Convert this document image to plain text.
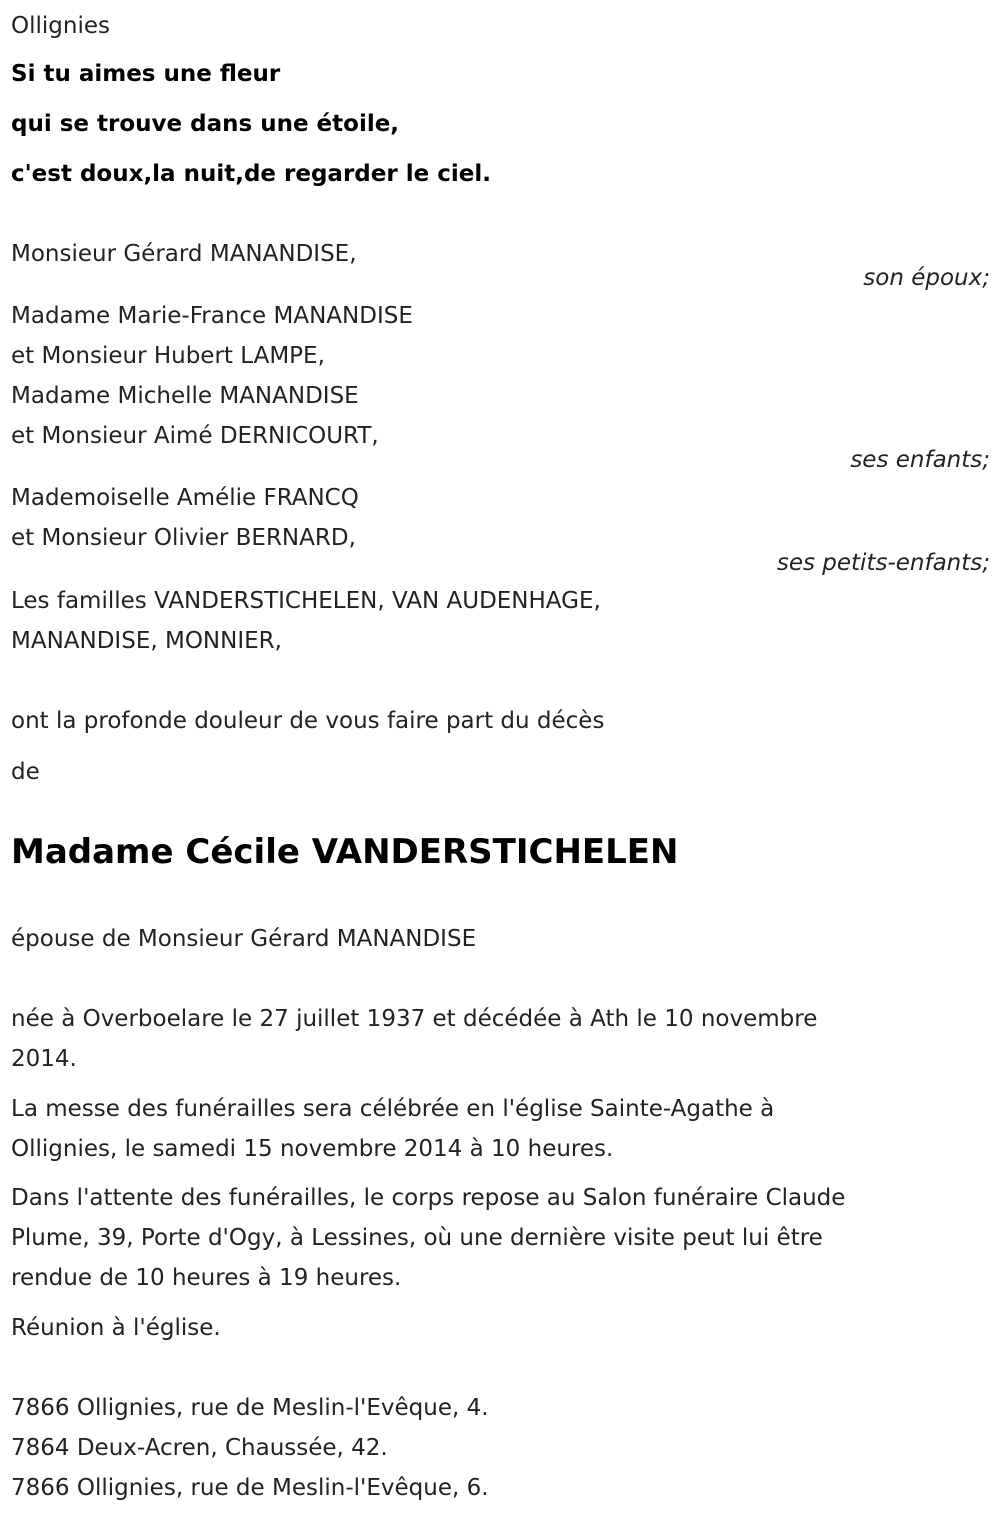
Ollignies
Si tu aimes une fleur
qui se trouve dans une étoile,
c'est doux,la nuit,de regarder le ciel.
Monsieur Gérard MANANDISE,
son époux;
Madame Marie-France MANANDISE
et Monsieur Hubert LAMPE,
Madame Michelle MANANDISE
et Monsieur Aimé DERNICOURT,
ses enfants;
Mademoiselle Amélie FRANCQ
et Monsieur Olivier BERNARD,
ses petits-enfants;
Les familles VANDERSTICHELEN, VAN AUDENHAGE,
MANANDISE, MONNIER,
ont la profonde douleur de vous faire part du décès
de
Madame Cécile VANDERSTICHELEN
épouse de Monsieur Gérard MANANDISE
née à Overboelare le 27 juillet 1937 et décédée à Ath le 10 novembre
2014.
La messe des funérailles sera célébrée en l'église Sainte-Agathe à
Ollignies, le samedi 15 novembre 2014 à 10 heures.
Dans l'attente des funérailles, le corps repose au Salon funéraire Claude
Plume, 39, Porte d'Ogy, à Lessines, où une dernière visite peut lui être
rendue de 10 heures à 19 heures.
Réunion à l'église.
7866 Ollignies, rue de Meslin-l'Evêque, 4.
7864 Deux-Acren, Chaussée, 42.
7866 Ollignies, rue de Meslin-l'Evêque, 6.
